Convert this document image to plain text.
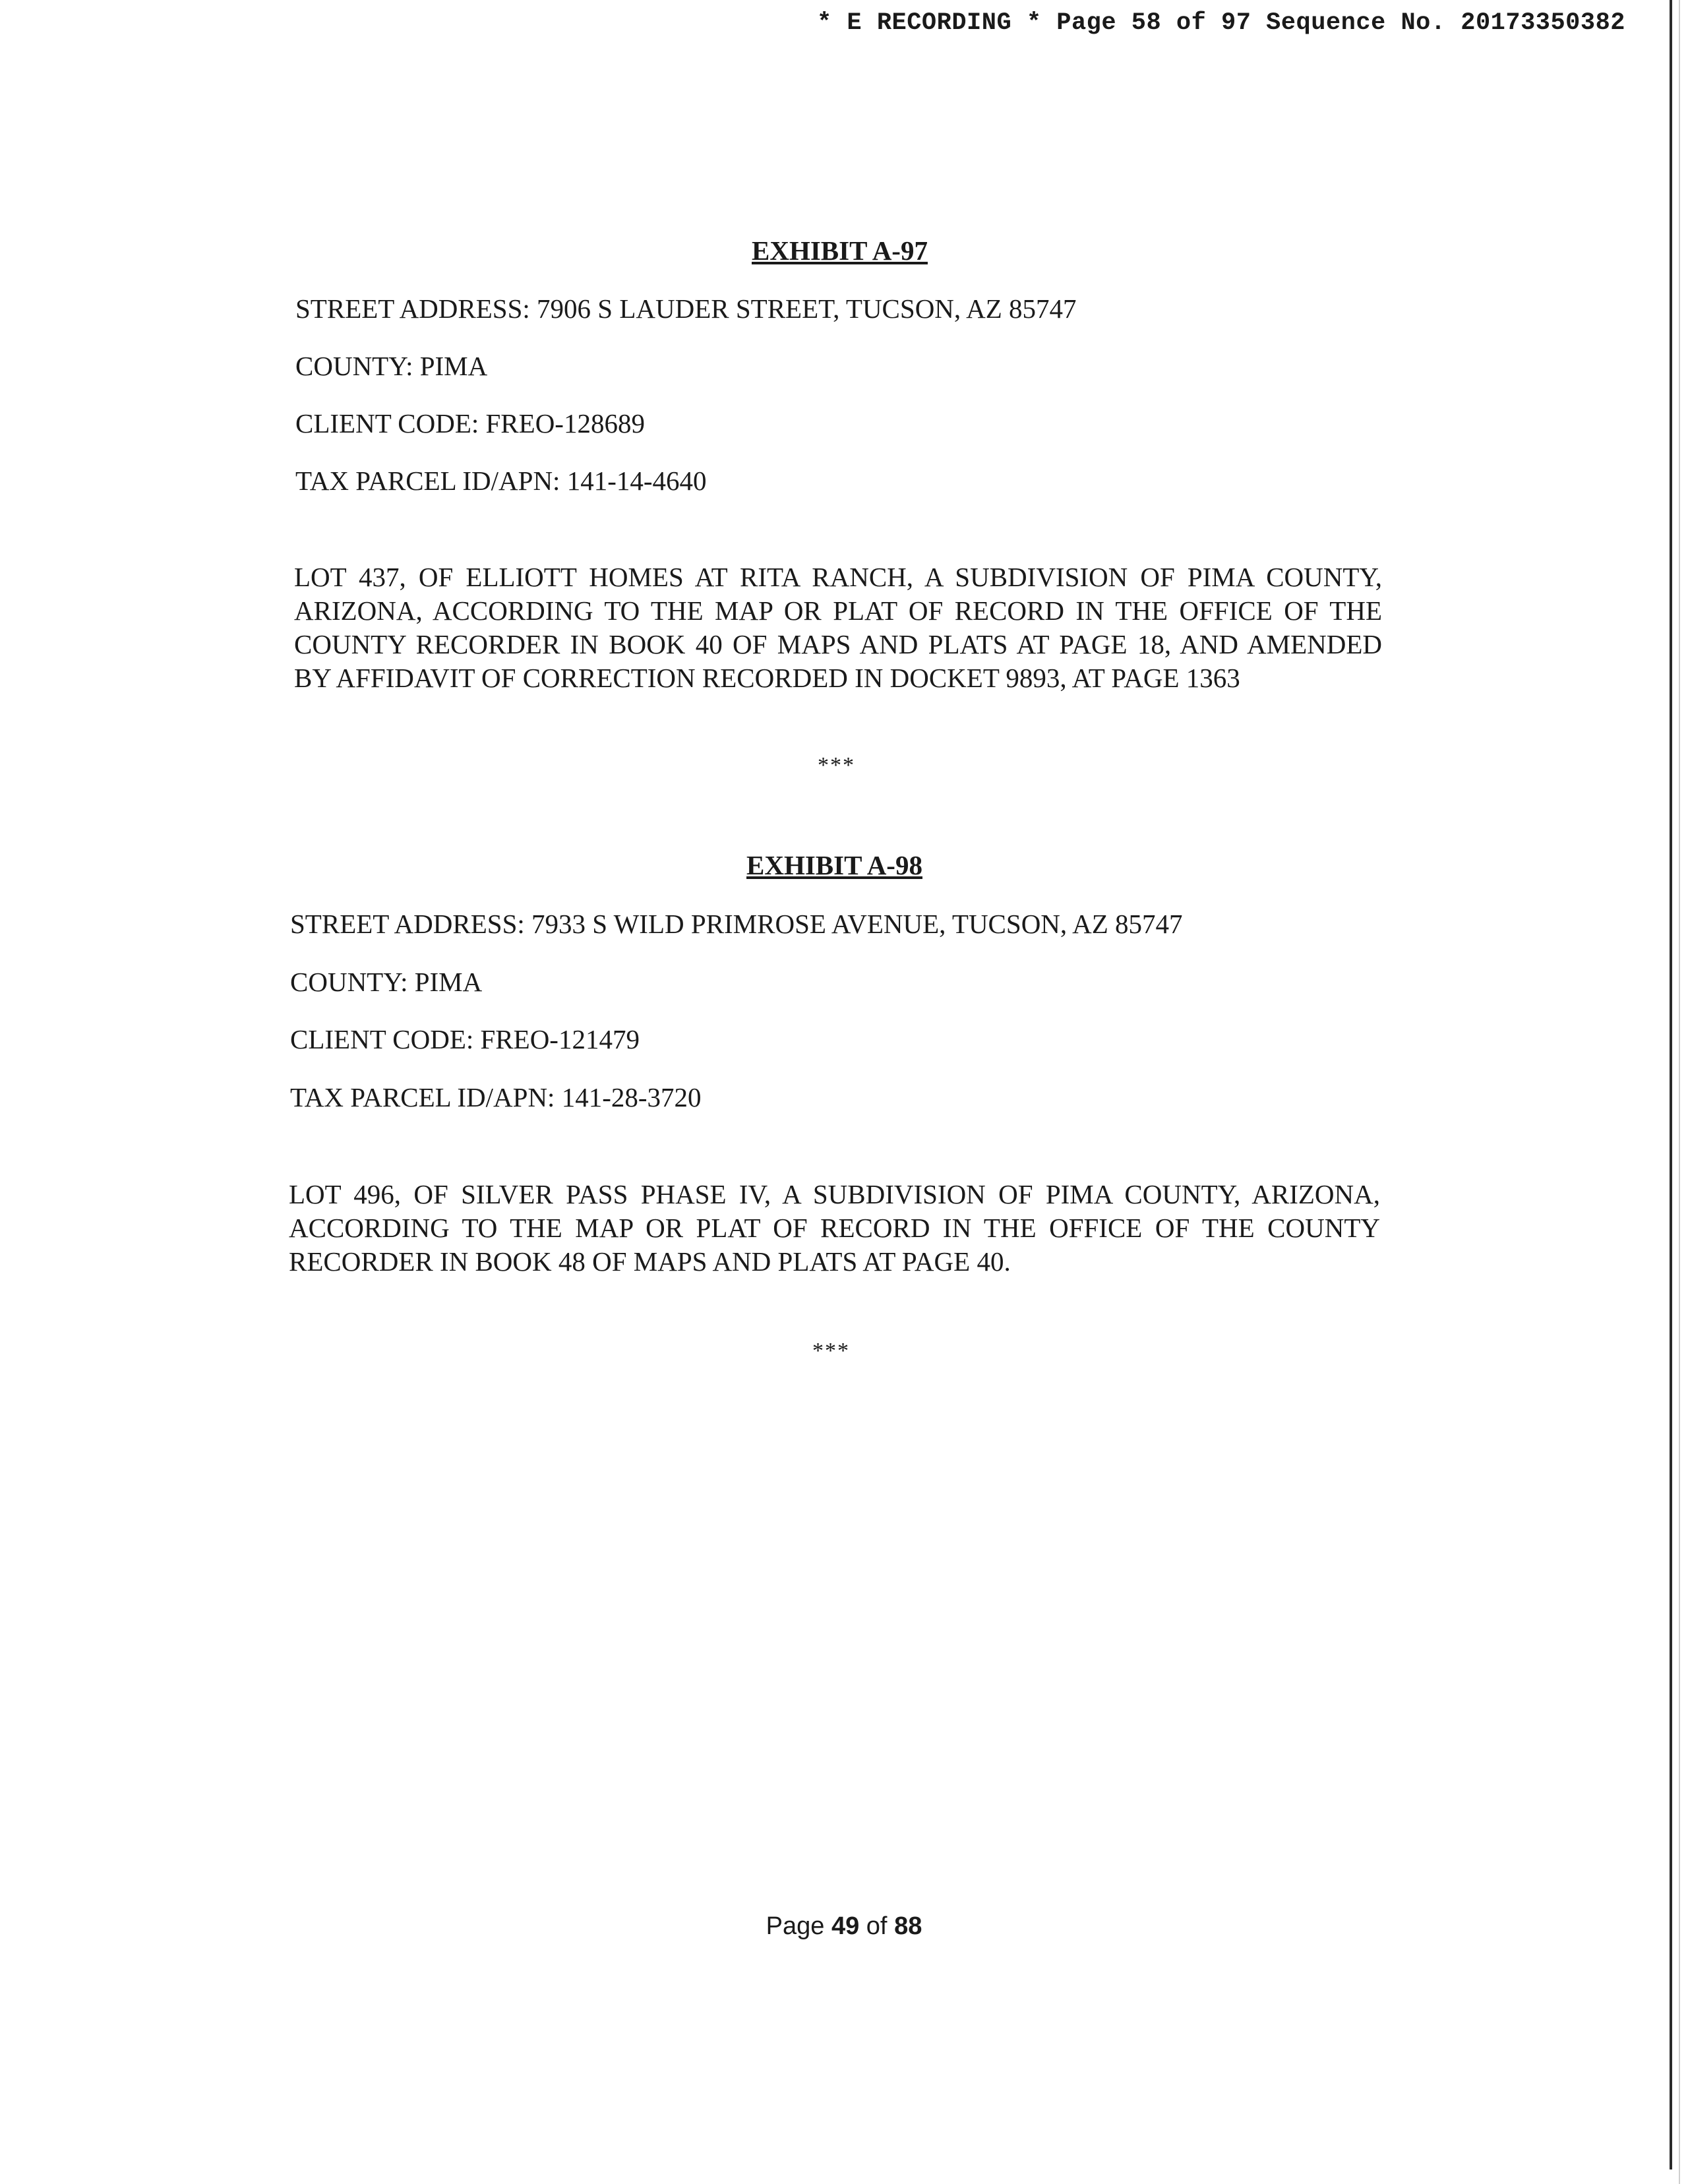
* E RECORDING * Page 58 of 97 Sequence No. 20173350382
EXHIBIT A-97
STREET ADDRESS: 7906 S LAUDER STREET, TUCSON, AZ 85747
COUNTY: PIMA
CLIENT CODE: FREO-128689
TAX PARCEL ID/APN: 141-14-4640
LOT 437, OF ELLIOTT HOMES AT RITA RANCH, A SUBDIVISION OF PIMA COUNTY, ARIZONA, ACCORDING TO THE MAP OR PLAT OF RECORD IN THE OFFICE OF THE COUNTY RECORDER IN BOOK 40 OF MAPS AND PLATS AT PAGE 18, AND AMENDED BY AFFIDAVIT OF CORRECTION RECORDED IN DOCKET 9893, AT PAGE 1363
***
EXHIBIT A-98
STREET ADDRESS: 7933 S WILD PRIMROSE AVENUE, TUCSON, AZ 85747
COUNTY: PIMA
CLIENT CODE: FREO-121479
TAX PARCEL ID/APN: 141-28-3720
LOT 496, OF SILVER PASS PHASE IV, A SUBDIVISION OF PIMA COUNTY, ARIZONA, ACCORDING TO THE MAP OR PLAT OF RECORD IN THE OFFICE OF THE COUNTY RECORDER IN BOOK 48 OF MAPS AND PLATS AT PAGE 40.
***
Page 49 of 88
